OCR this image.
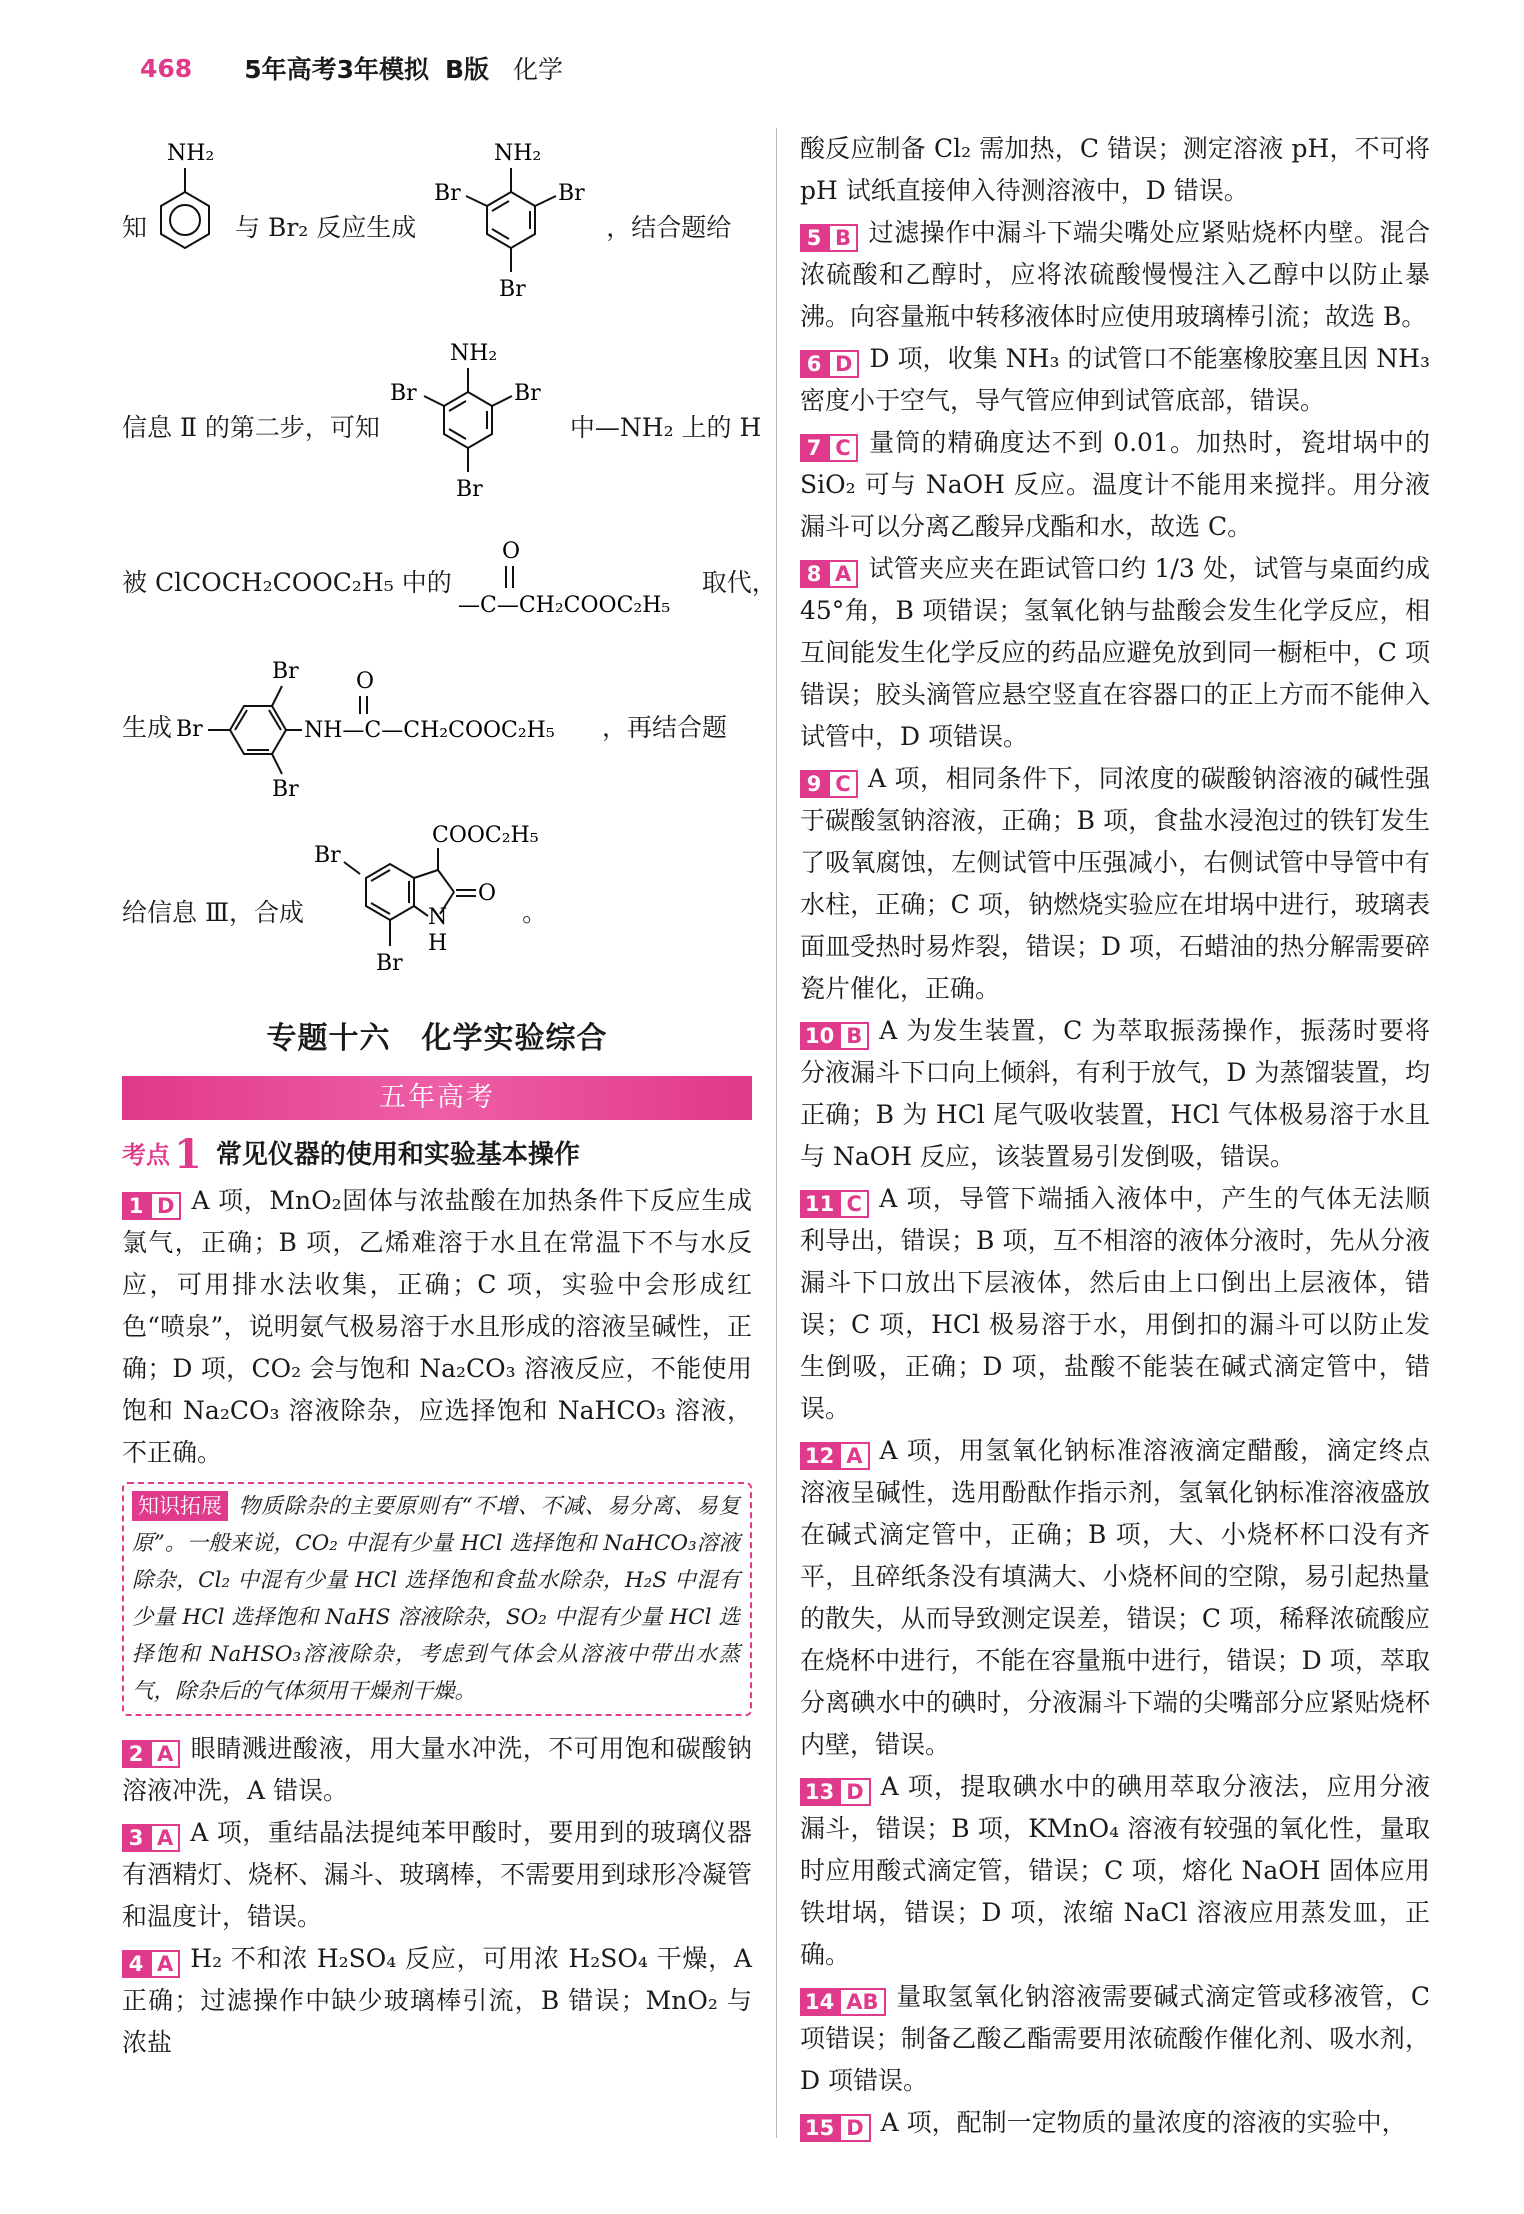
468 5年高考3年模拟 B版 化学
知
NH₂
与 Br₂ 反应生成
NH₂
Br	Br
Br
，结合题给
信息 Ⅱ 的第二步，可知
NH₂
Br	Br
Br
中—NH₂ 上的 H
被 ClCOCH₂COOC₂H₅ 中的
O
—C—CH₂COOC₂H₅
取代，
生成 Br
Br
Br
O
NH—C—CH₂COOC₂H₅ ，再结合题
给信息 Ⅲ，合成
Br
N
H
O
COOC₂H₅
Br
。
专题十六　化学实验综合
五年高考
考点 1 常见仪器的使用和实验基本操作
1 D A 项，MnO₂固体与浓盐酸在加热条件下反应生成氯气，正确；B 项，乙烯难溶于水且在常温下不与水反应，可用排水法收集，正确；C 项，实验中会形成红色“喷泉”，说明氨气极易溶于水且形成的溶液呈碱性，正确；D 项，CO₂ 会与饱和 Na₂CO₃ 溶液反应，不能使用饱和 Na₂CO₃ 溶液除杂，应选择饱和 NaHCO₃ 溶液，不正确。
知识拓展 物质除杂的主要原则有“不增、不减、易分离、易复原”。一般来说，CO₂ 中混有少量 HCl 选择饱和 NaHCO₃溶液除杂，Cl₂ 中混有少量 HCl 选择饱和食盐水除杂，H₂S 中混有少量 HCl 选择饱和 NaHS 溶液除杂，SO₂ 中混有少量 HCl 选择饱和 NaHSO₃溶液除杂，考虑到气体会从溶液中带出水蒸气，除杂后的气体须用干燥剂干燥。
2 A 眼睛溅进酸液，用大量水冲洗，不可用饱和碳酸钠溶液冲洗，A 错误。
3 A A 项，重结晶法提纯苯甲酸时，要用到的玻璃仪器有酒精灯、烧杯、漏斗、玻璃棒，不需要用到球形冷凝管和温度计，错误。
4 A H₂ 不和浓 H₂SO₄ 反应，可用浓 H₂SO₄ 干燥，A 正确；过滤操作中缺少玻璃棒引流，B 错误；MnO₂ 与浓盐
酸反应制备 Cl₂ 需加热，C 错误；测定溶液 pH，不可将 pH 试纸直接伸入待测溶液中，D 错误。
5 B 过滤操作中漏斗下端尖嘴处应紧贴烧杯内壁。混合浓硫酸和乙醇时，应将浓硫酸慢慢注入乙醇中以防止暴沸。向容量瓶中转移液体时应使用玻璃棒引流；故选 B。
6 D D 项，收集 NH₃ 的试管口不能塞橡胶塞且因 NH₃ 密度小于空气，导气管应伸到试管底部，错误。
7 C 量筒的精确度达不到 0.01。加热时，瓷坩埚中的 SiO₂ 可与 NaOH 反应。温度计不能用来搅拌。用分液漏斗可以分离乙酸异戊酯和水，故选 C。
8 A 试管夹应夹在距试管口约 1/3 处，试管与桌面约成 45°角，B 项错误；氢氧化钠与盐酸会发生化学反应，相互间能发生化学反应的药品应避免放到同一橱柜中，C 项错误；胶头滴管应悬空竖直在容器口的正上方而不能伸入试管中，D 项错误。
9 C A 项，相同条件下，同浓度的碳酸钠溶液的碱性强于碳酸氢钠溶液，正确；B 项，食盐水浸泡过的铁钉发生了吸氧腐蚀，左侧试管中压强减小，右侧试管中导管中有水柱，正确；C 项，钠燃烧实验应在坩埚中进行，玻璃表面皿受热时易炸裂，错误；D 项，石蜡油的热分解需要碎瓷片催化，正确。
10 B A 为发生装置，C 为萃取振荡操作，振荡时要将分液漏斗下口向上倾斜，有利于放气，D 为蒸馏装置，均正确；B 为 HCl 尾气吸收装置，HCl 气体极易溶于水且与 NaOH 反应，该装置易引发倒吸，错误。
11 C A 项，导管下端插入液体中，产生的气体无法顺利导出，错误；B 项，互不相溶的液体分液时，先从分液漏斗下口放出下层液体，然后由上口倒出上层液体，错误；C 项，HCl 极易溶于水，用倒扣的漏斗可以防止发生倒吸，正确；D 项，盐酸不能装在碱式滴定管中，错误。
12 A A 项，用氢氧化钠标准溶液滴定醋酸，滴定终点溶液呈碱性，选用酚酞作指示剂，氢氧化钠标准溶液盛放在碱式滴定管中，正确；B 项，大、小烧杯杯口没有齐平，且碎纸条没有填满大、小烧杯间的空隙，易引起热量的散失，从而导致测定误差，错误；C 项，稀释浓硫酸应在烧杯中进行，不能在容量瓶中进行，错误；D 项，萃取分离碘水中的碘时，分液漏斗下端的尖嘴部分应紧贴烧杯内壁，错误。
13 D A 项，提取碘水中的碘用萃取分液法，应用分液漏斗，错误；B 项，KMnO₄ 溶液有较强的氧化性，量取时应用酸式滴定管，错误；C 项，熔化 NaOH 固体应用铁坩埚，错误；D 项，浓缩 NaCl 溶液应用蒸发皿，正确。
14 AB 量取氢氧化钠溶液需要碱式滴定管或移液管，C 项错误；制备乙酸乙酯需要用浓硫酸作催化剂、吸水剂，D 项错误。
15 D A 项，配制一定物质的量浓度的溶液的实验中，
